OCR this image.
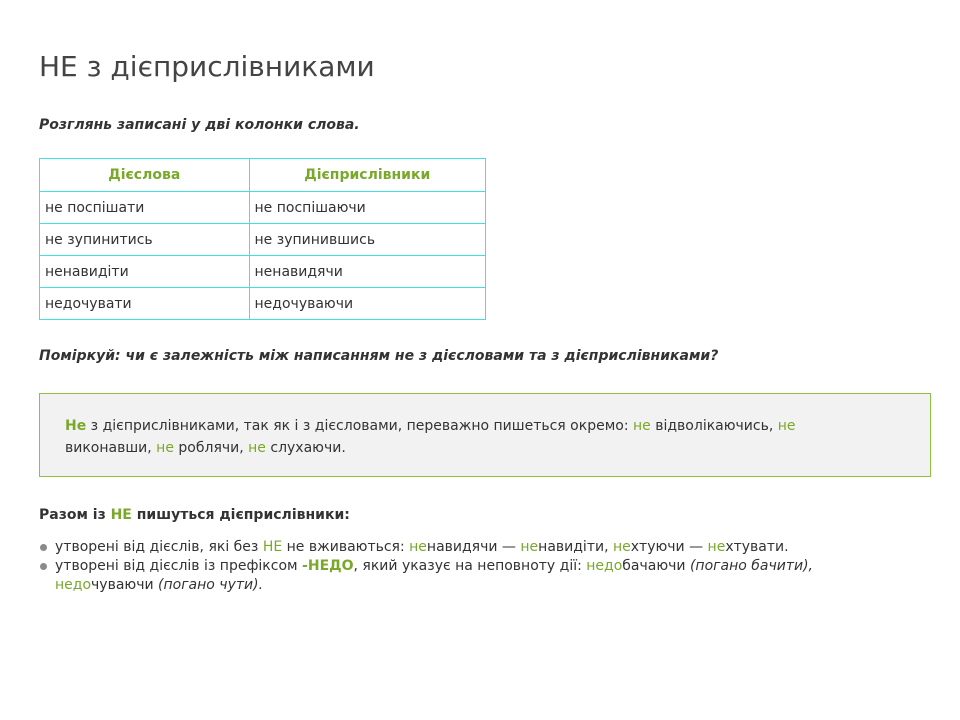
НЕ з дієприслівниками

Розглянь записані у дві колонки слова.

Дієслова	Дієприслівники
не поспішати	не поспішаючи
не зупинитись	не зупинившись
ненавидіти	ненавидячи
недочувати	недочуваючи

Поміркуй: чи є залежність між написанням не з дієсловами та з дієприслівниками?

Не з дієприслівниками, так як і з дієсловами, переважно пишеться окремо: не відволікаючись, не виконавши, не роблячи, не слухаючи.

Разом із НЕ пишуться дієприслівники:

утворені від дієслів, які без НЕ не вживаються: ненавидячи — ненавидіти, нехтуючи — нехтувати.
утворені від дієслів із префіксом -НЕДО, який указує на неповноту дії: недобачаючи (погано бачити), недочуваючи (погано чути).
